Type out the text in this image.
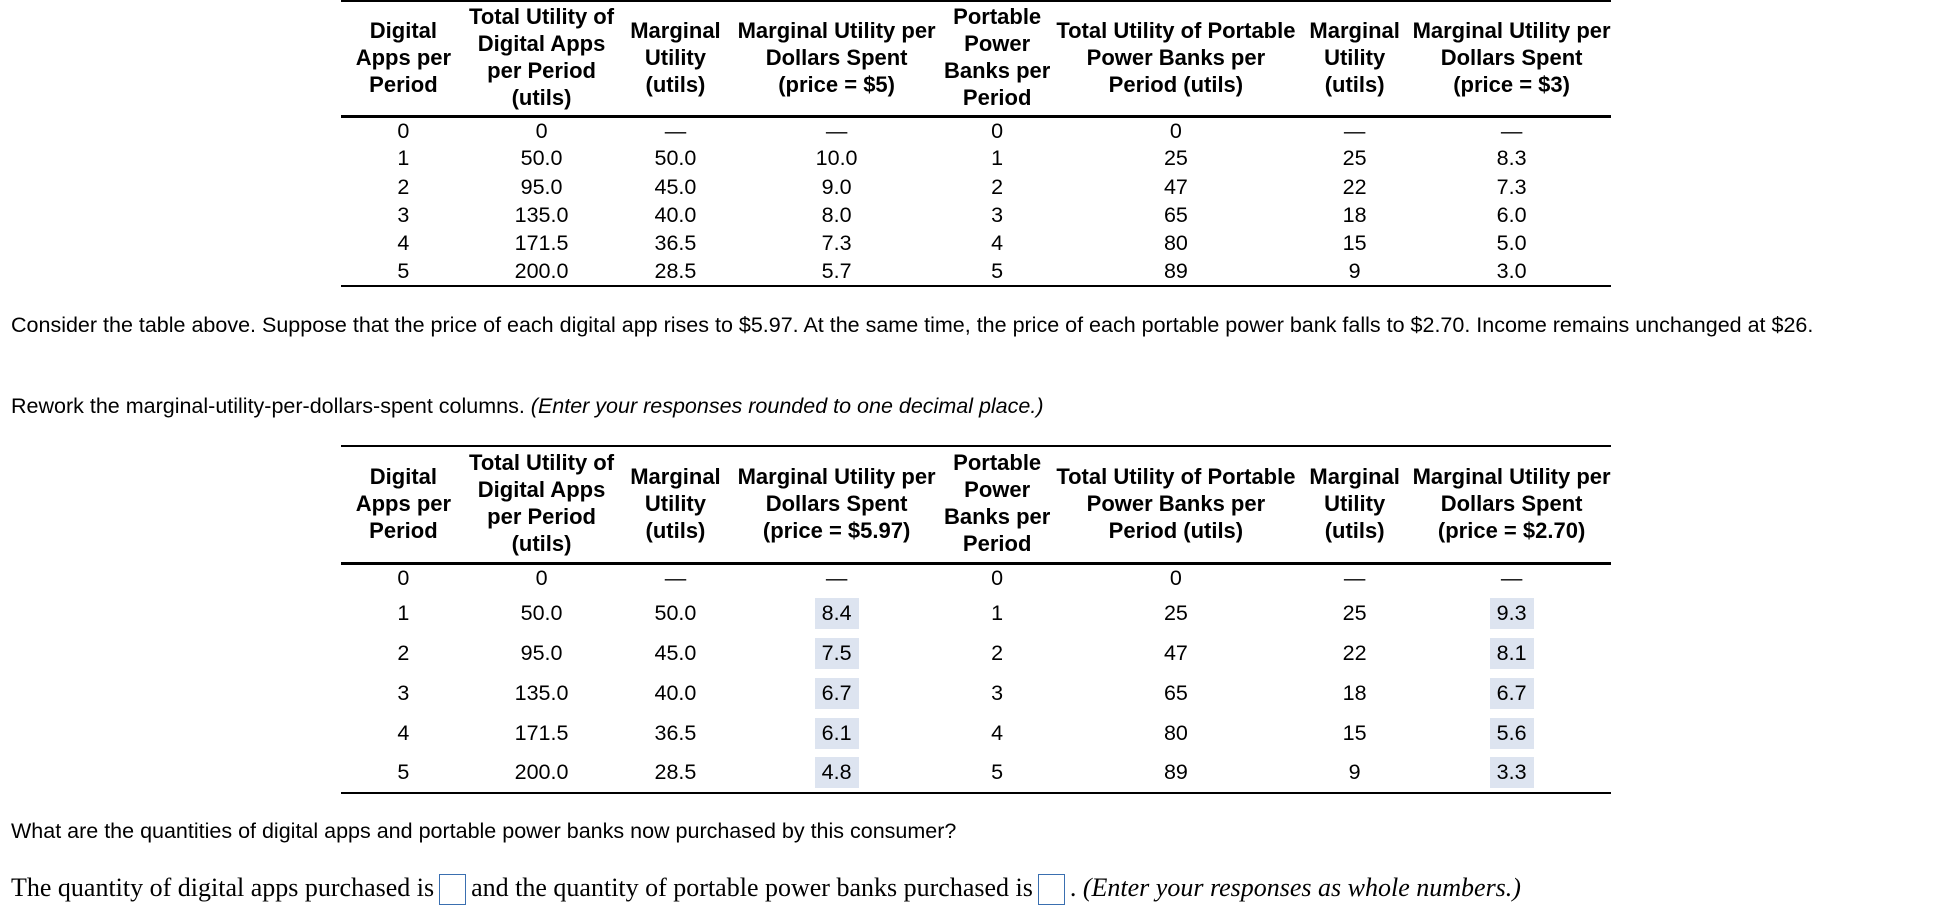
Digital Apps per Period	Total Utility of Digital Apps per Period (utils)	Marginal Utility (utils)	Marginal Utility per Dollars Spent (price = $5)	Portable Power Banks per Period	Total Utility of Portable Power Banks per Period (utils)	Marginal Utility (utils)	Marginal Utility per Dollars Spent (price = $3)
0	0	—	—	0	0	—	—
1	50.0	50.0	10.0	1	25	25	8.3
2	95.0	45.0	9.0	2	47	22	7.3
3	135.0	40.0	8.0	3	65	18	6.0
4	171.5	36.5	7.3	4	80	15	5.0
5	200.0	28.5	5.7	5	89	9	3.0
Consider the table above. Suppose that the price of each digital app rises to $5.97. At the same time, the price of each portable power bank falls to $2.70. Income remains unchanged at $26.
Rework the marginal-utility-per-dollars-spent columns. (Enter your responses rounded to one decimal place.)
Digital Apps per Period	Total Utility of Digital Apps per Period (utils)	Marginal Utility (utils)	Marginal Utility per Dollars Spent (price = $5.97)	Portable Power Banks per Period	Total Utility of Portable Power Banks per Period (utils)	Marginal Utility (utils)	Marginal Utility per Dollars Spent (price = $2.70)
0	0	—	—	0	0	—	—
1	50.0	50.0	8.4	1	25	25	9.3
2	95.0	45.0	7.5	2	47	22	8.1
3	135.0	40.0	6.7	3	65	18	6.7
4	171.5	36.5	6.1	4	80	15	5.6
5	200.0	28.5	4.8	5	89	9	3.3
What are the quantities of digital apps and portable power banks now purchased by this consumer?
The quantity of digital apps purchased is and the quantity of portable power banks purchased is . (Enter your responses as whole numbers.)
